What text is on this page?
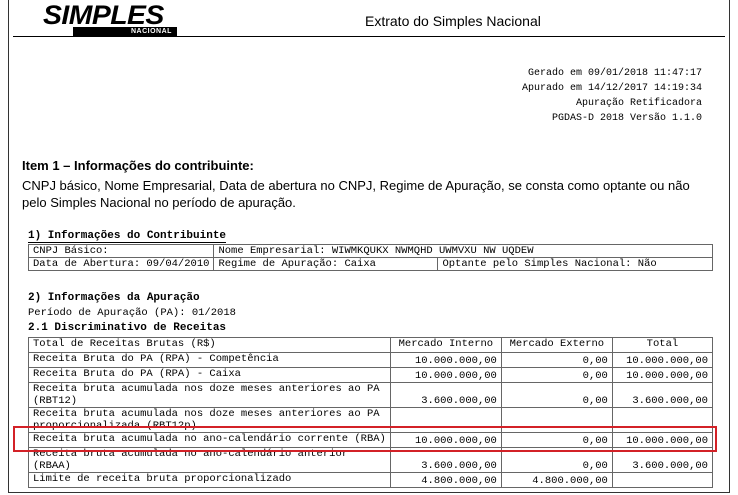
SIMPLES
NACIONAL
Extrato do Simples Nacional
Gerado em 09/01/2018 11:47:17
Apurado em 14/12/2017 14:19:34
Apuração Retificadora
PGDAS-D 2018 Versão 1.1.0
Item 1 – Informações do contribuinte:
CNPJ básico, Nome Empresarial, Data de abertura no CNPJ, Regime de Apuração, se consta como optante ou não
pelo Simples Nacional no período de apuração.
1) Informações do Contribuinte
CNPJ Básico:	Nome Empresarial: WIWMKQUKX NWMQHD UWMVXU NW UQDEW	
Data de Abertura: 09/04/2010	Regime de Apuração: Caixa	Optante pelo Simples Nacional: Não
2) Informações da Apuração
Período de Apuração (PA): 01/2018
2.1 Discriminativo de Receitas
Total de Receitas Brutas (R$)	Mercado Interno	Mercado Externo	Total
Receita Bruta do PA (RPA) - Competência	10.000.000,00	0,00	10.000.000,00
Receita Bruta do PA (RPA) - Caixa	10.000.000,00	0,00	10.000.000,00
Receita bruta acumulada nos doze meses anteriores ao PA (RBT12)	3.600.000,00	0,00	3.600.000,00
Receita bruta acumulada nos doze meses anteriores ao PA proporcionalizada (RBT12p)			
Receita bruta acumulada no ano-calendário corrente (RBA)	10.000.000,00	0,00	10.000.000,00
Receita bruta acumulada no ano-calendário anterior (RBAA)	3.600.000,00	0,00	3.600.000,00
Limite de receita bruta proporcionalizado	4.800.000,00	4.800.000,00	
